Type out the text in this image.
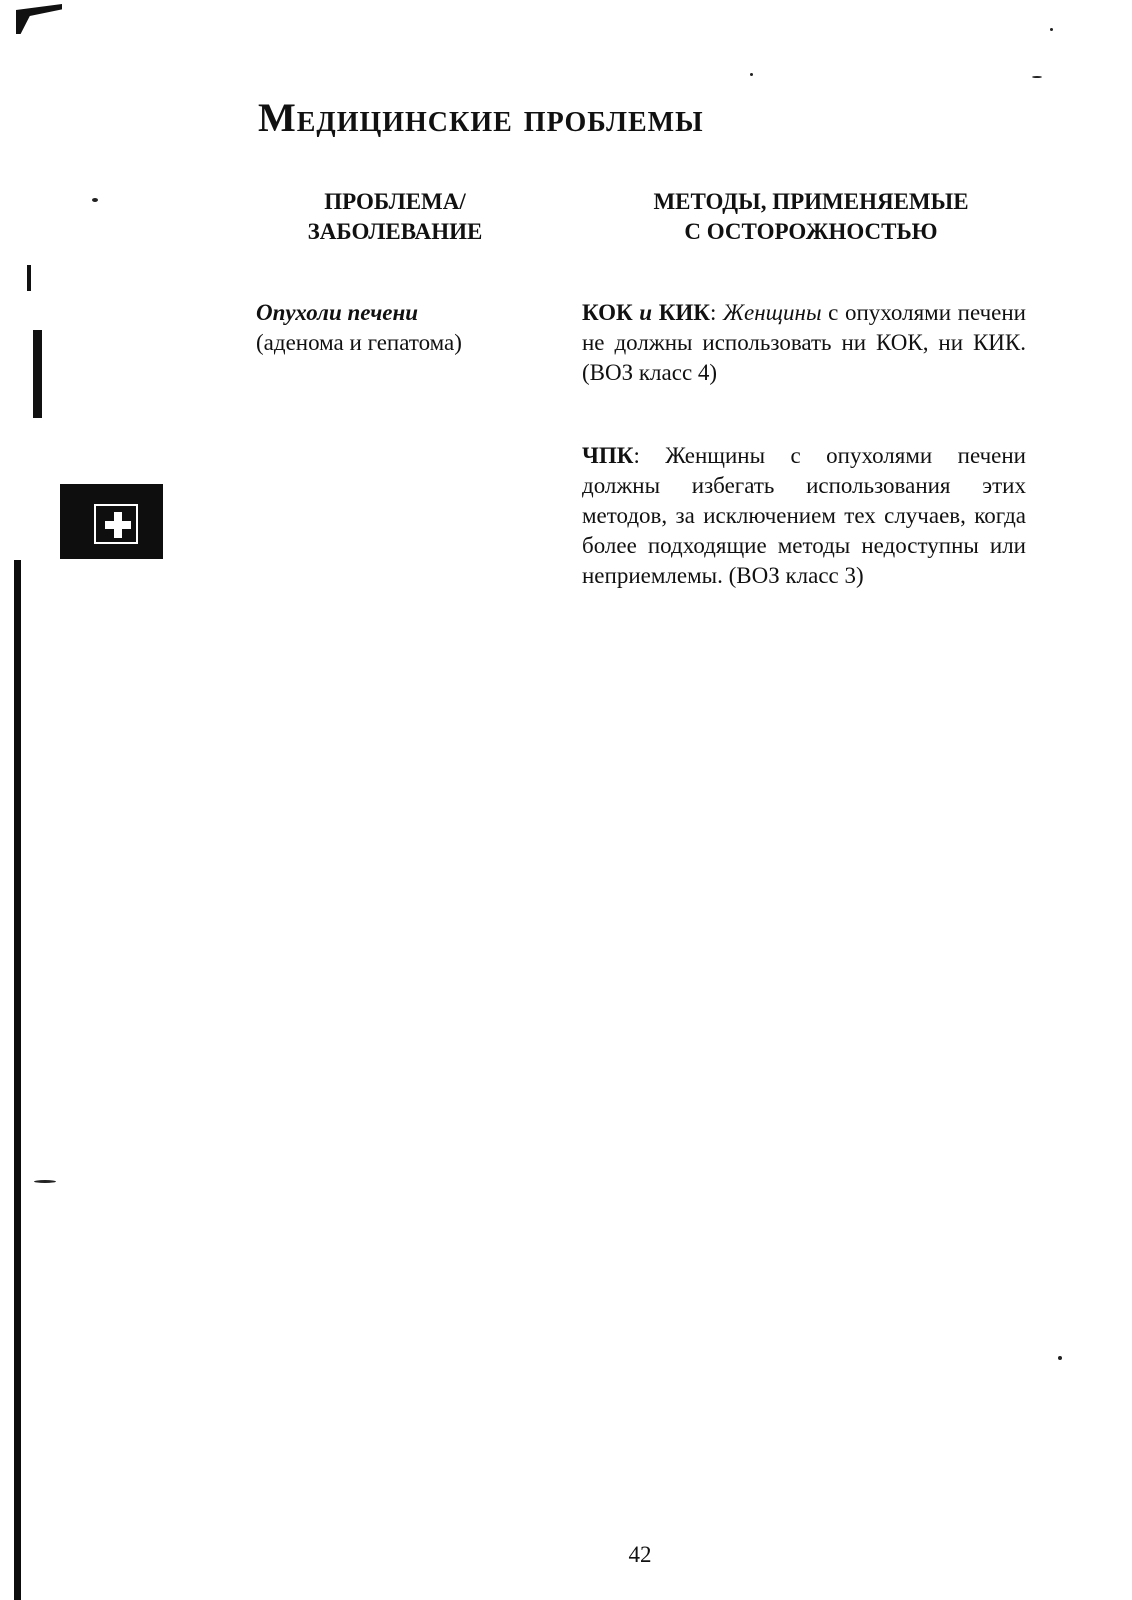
Медицинские проблемы
ПРОБЛЕМА/
ЗАБОЛЕВАНИЕ
МЕТОДЫ, ПРИМЕНЯЕМЫЕ
С ОСТОРОЖНОСТЬЮ
Опухоли печени
(аденома и гепатома)

КОК и КИК: Женщины с опухолями печени не должны использовать ни КОК, ни КИК. (ВОЗ класс 4)

ЧПК: Женщины с опухолями печени должны избегать использования этих методов, за исключением тех случаев, когда более подходящие методы недоступны или неприемлемы. (ВОЗ класс 3)

42
